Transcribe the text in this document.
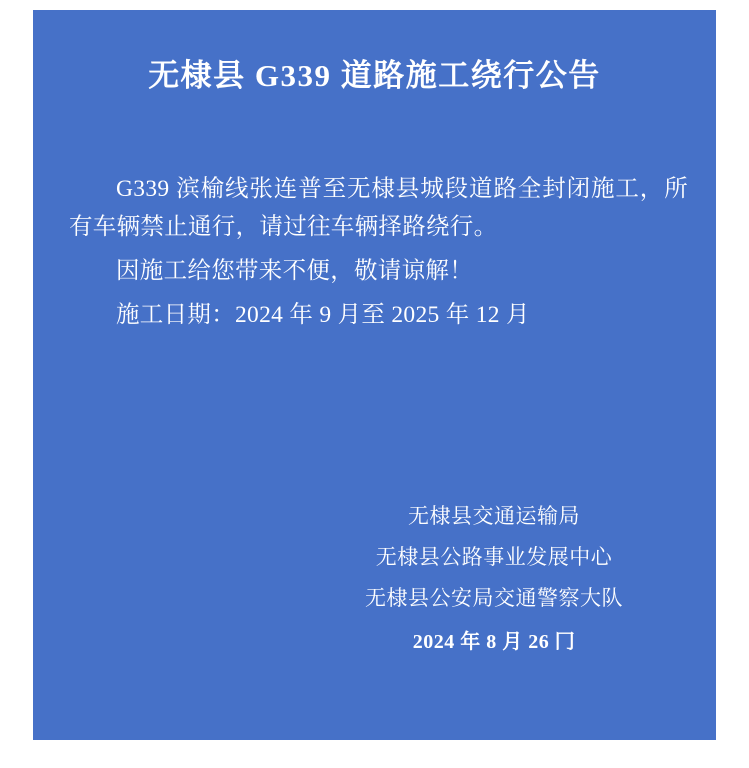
无棣县 G339 道路施工绕行公告

G339 滨榆线张连普至无棣县城段道路全封闭施工，所有车辆禁止通行，请过往车辆择路绕行。

因施工给您带来不便，敬请谅解！

施工日期：2024 年 9 月至 2025 年 12 月

无棣县交通运输局
无棣县公路事业发展中心
无棣县公安局交通警察大队
2024 年 8 月 26 冂
